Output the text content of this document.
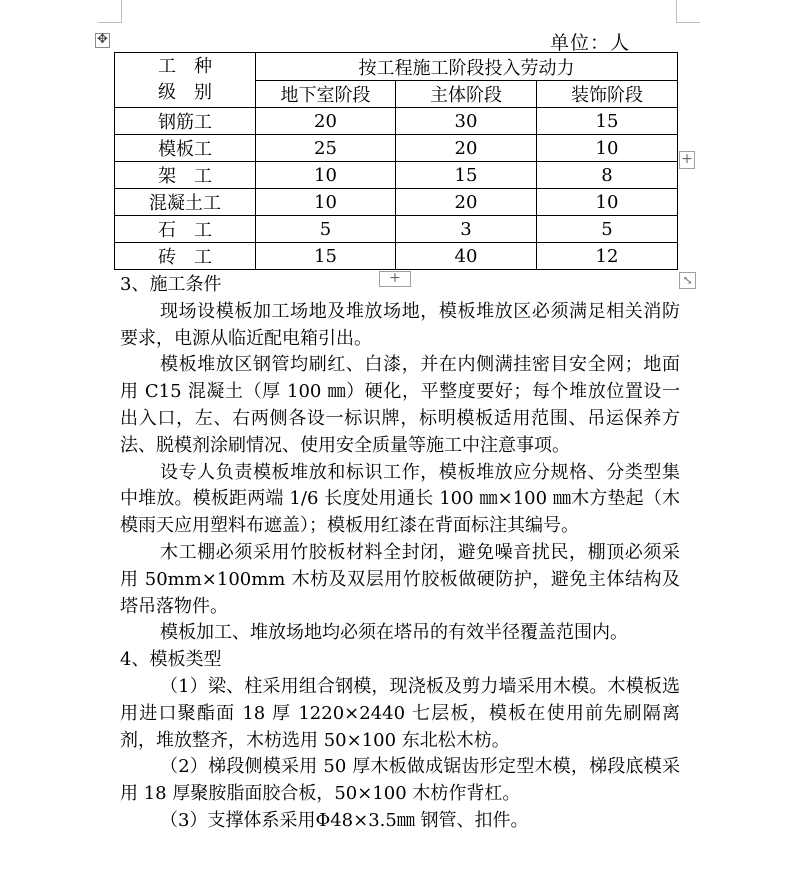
单位：人
✥
工　种
级　别	按工程施工阶段投入劳动力		
	地下室阶段	主体阶段	装饰阶段
钢筋工	20	30	15
模板工	25	20	10
架　工	10	15	8
混凝土工	10	20	10
石　工	5	3	5
砖　工	15	40	12
+
+	⤡

3、施工条件

现场设模板加工场地及堆放场地，模板堆放区必须满足相关消防要求，电源从临近配电箱引出。

模板堆放区钢管均刷红、白漆，并在内侧满挂密目安全网；地面用 C15 混凝土（厚 100 ㎜）硬化，平整度要好；每个堆放位置设一出入口，左、右两侧各设一标识牌，标明模板适用范围、吊运保养方法、脱模剂涂刷情况、使用安全质量等施工中注意事项。

设专人负责模板堆放和标识工作，模板堆放应分规格、分类型集中堆放。模板距两端 1/6 长度处用通长 100 ㎜×100 ㎜木方垫起（木模雨天应用塑料布遮盖）；模板用红漆在背面标注其编号。

木工棚必须采用竹胶板材料全封闭，避免噪音扰民，棚顶必须采用 50mm×100mm 木枋及双层用竹胶板做硬防护，避免主体结构及塔吊落物件。

模板加工、堆放场地均必须在塔吊的有效半径覆盖范围内。

4、模板类型

（1）梁、柱采用组合钢模，现浇板及剪力墙采用木模。木模板选用进口聚酯面 18 厚 1220×2440 七层板，模板在使用前先刷隔离剂，堆放整齐，木枋选用 50×100 东北松木枋。

（2）梯段侧模采用 50 厚木板做成锯齿形定型木模，梯段底模采用 18 厚聚胺脂面胶合板，50×100 木枋作背杠。

（3）支撑体系采用Φ48×3.5㎜ 钢管、扣件。
